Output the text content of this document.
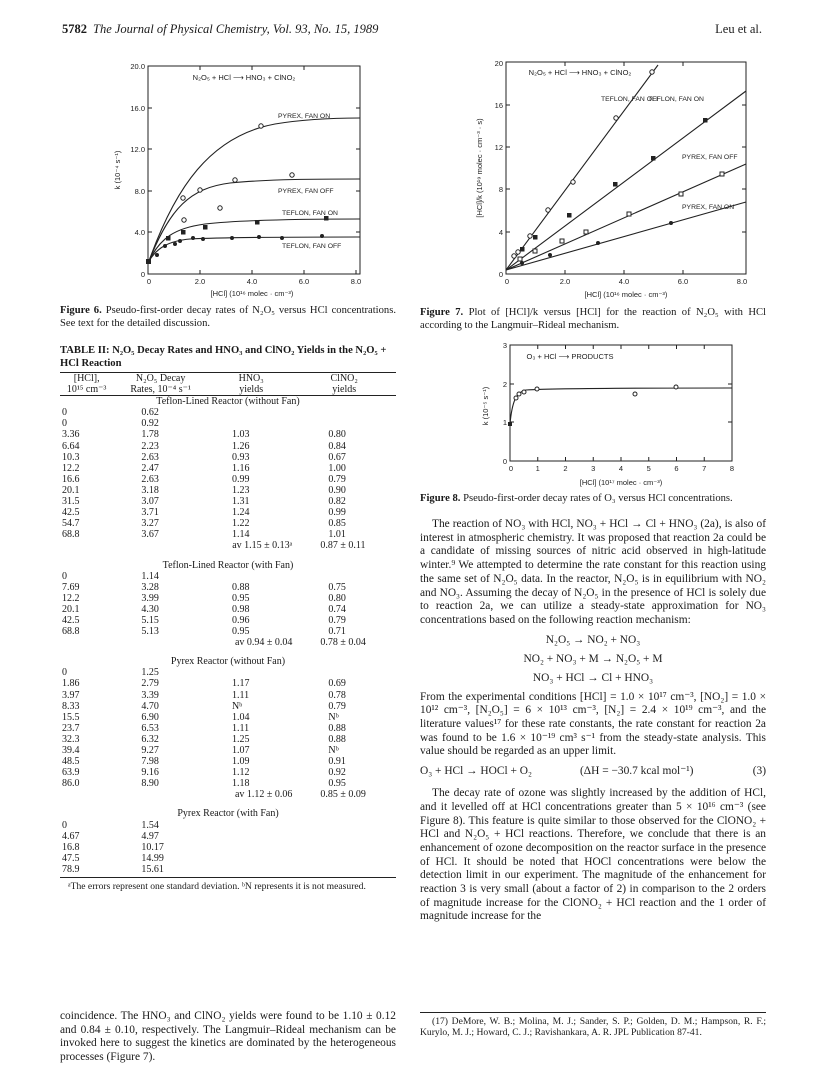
5782 The Journal of Physical Chemistry, Vol. 93, No. 15, 1989	Leu et al.
0
4.0
8.0
12.0
16.0
20.0
0	2.0	4.0	6.0	8.0
[HCl] (10¹⁶ molec · cm⁻³)
k (10⁻⁴ s⁻¹)
N₂O₅ + HCl ⟶ HNO₃ + ClNO₂
PYREX, FAN ON
PYREX, FAN OFF
TEFLON, FAN ON
TEFLON, FAN OFF
Figure 6. Pseudo-first-order decay rates of N₂O₅ versus HCl concentrations. See text for the detailed discussion.
TABLE II: N₂O₅ Decay Rates and HNO₃ and ClNO₂ Yields in the N₂O₅ + HCl Reaction
[HCl],	N₂O₅ Decay	HNO₃	ClNO₂
10¹⁵ cm⁻³	Rates, 10⁻⁴ s⁻¹	yields	yields
Teflon-Lined Reactor (without Fan)			
0	0.62		
0	0.92		
3.36	1.78	1.03	0.80
6.64	2.23	1.26	0.84
10.3	2.63	0.93	0.67
12.2	2.47	1.16	1.00
16.6	2.63	0.99	0.79
20.1	3.18	1.23	0.90
31.5	3.07	1.31	0.82
42.5	3.71	1.24	0.99
54.7	3.27	1.22	0.85
68.8	3.67	1.14	1.01
		av 1.15 ± 0.13ᵃ	0.87 ± 0.11
Teflon-Lined Reactor (with Fan)			
0	1.14		
7.69	3.28	0.88	0.75
12.2	3.99	0.95	0.80
20.1	4.30	0.98	0.74
42.5	5.15	0.96	0.79
68.8	5.13	0.95	0.71
		av 0.94 ± 0.04	0.78 ± 0.04
Pyrex Reactor (without Fan)			
0	1.25		
1.86	2.79	1.17	0.69
3.97	3.39	1.11	0.78
8.33	4.70	Nᵇ	0.79
15.5	6.90	1.04	Nᵇ
23.7	6.53	1.11	0.88
32.3	6.32	1.25	0.88
39.4	9.27	1.07	Nᵇ
48.5	7.98	1.09	0.91
63.9	9.16	1.12	0.92
86.0	8.90	1.18	0.95
		av 1.12 ± 0.06	0.85 ± 0.09
Pyrex Reactor (with Fan)			
0	1.54		
4.67	4.97		
16.8	10.17		
47.5	14.99		
78.9	15.61		
ᵃThe errors represent one standard deviation. ᵇN represents it is not measured.
coincidence. The HNO₃ and ClNO₂ yields were found to be 1.10 ± 0.12 and 0.84 ± 0.10, respectively. The Langmuir–Rideal mechanism can be invoked here to suggest the kinetics are dominated by the heterogeneous processes (Figure 7).
0
4
8
12
16
20
0	2.0	4.0	6.0	8.0
[HCl] (10¹⁶ molec · cm⁻³)
[HCl]/k (10¹⁹ molec · cm⁻³ · s)
N₂O₅ + HCl ⟶ HNO₃ + ClNO₂
TEFLON, FAN OFF
TEFLON, FAN ON
PYREX, FAN OFF
PYREX, FAN ON
Figure 7. Plot of [HCl]/k versus [HCl] for the reaction of N₂O₅ with HCl according to the Langmuir–Rideal mechanism.
0
1
2
3
0	1	2	3	4	5	6	7	8
[HCl] (10¹⁷ molec · cm⁻³)
k (10⁻⁵ s⁻¹)
O₃ + HCl ⟶ PRODUCTS
Figure 8. Pseudo-first-order decay rates of O₃ versus HCl concentrations.
The reaction of NO₃ with HCl, NO₃ + HCl → Cl + HNO₃ (2a), is also of interest in atmospheric chemistry. It was proposed that reaction 2a could be a candidate of missing sources of nitric acid observed in high-latitude winter.⁹ We attempted to determine the rate constant for this reaction using the same set of N₂O₅ data. In the reactor, N₂O₅ is in equilibrium with NO₂ and NO₃. Assuming the decay of N₂O₅ in the presence of HCl is solely due to reaction 2a, we can utilize a steady-state approximation for NO₃ concentrations based on the following reaction mechanism:
N₂O₅ → NO₂ + NO₃
NO₂ + NO₃ + M → N₂O₅ + M
NO₃ + HCl → Cl + HNO₃
From the experimental conditions [HCl] = 1.0 × 10¹⁷ cm⁻³, [NO₂] = 1.0 × 10¹² cm⁻³, [N₂O₅] = 6 × 10¹³ cm⁻³, [N₂] = 2.4 × 10¹⁹ cm⁻³, and the literature values¹⁷ for these rate constants, the rate constant for reaction 2a was found to be 1.6 × 10⁻¹⁹ cm³ s⁻¹ from the steady-state analysis. This value should be regarded as an upper limit.
O₃ + HCl → HOCl + O₂	(ΔH = −30.7 kcal mol⁻¹)	(3)
The decay rate of ozone was slightly increased by the addition of HCl, and it levelled off at HCl concentrations greater than 5 × 10¹⁶ cm⁻³ (see Figure 8). This feature is quite similar to those observed for the ClONO₂ + HCl and N₂O₅ + HCl reactions. Therefore, we conclude that there is an enhancement of ozone decomposition on the reactor surface in the presence of HCl. It should be noted that HOCl concentrations were below the detection limit in our experiment. The magnitude of the enhancement for reaction 3 is very small (about a factor of 2) in comparison to the 2 orders of magnitude increase for the ClONO₂ + HCl reaction and the 1 order of magnitude increase for the
(17) DeMore, W. B.; Molina, M. J.; Sander, S. P.; Golden, D. M.; Hampson, R. F.; Kurylo, M. J.; Howard, C. J.; Ravishankara, A. R. JPL Publication 87-41.
